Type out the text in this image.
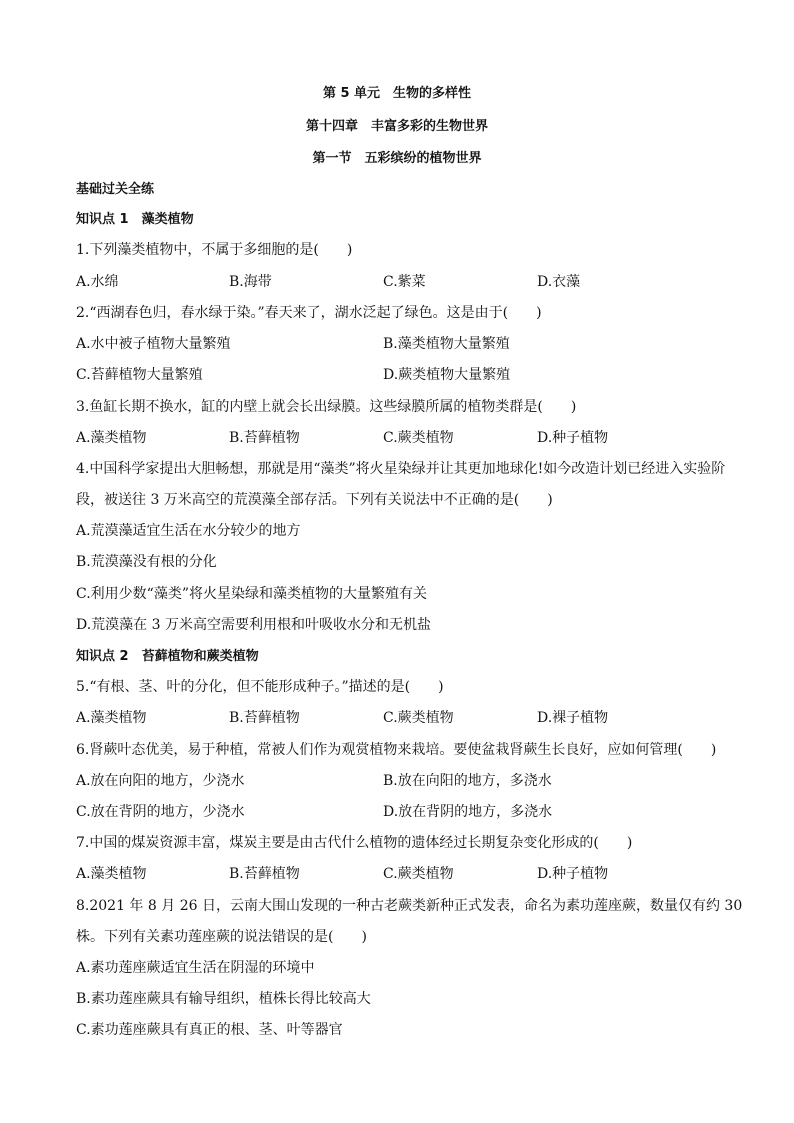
第 5 单元　生物的多样性
第十四章　丰富多彩的生物世界
第一节　五彩缤纷的植物世界
基础过关全练
知识点 1　藻类植物
1.下列藻类植物中，不属于多细胞的是(　　)
A.水绵	B.海带	C.紫菜	D.衣藻
2.“西湖春色归，春水绿于染。”春天来了，湖水泛起了绿色。这是由于(　　)
A.水中被子植物大量繁殖	B.藻类植物大量繁殖
C.苔藓植物大量繁殖	D.蕨类植物大量繁殖
3.鱼缸长期不换水，缸的内壁上就会长出绿膜。这些绿膜所属的植物类群是(　　)
A.藻类植物	B.苔藓植物	C.蕨类植物	D.种子植物
4.中国科学家提出大胆畅想，那就是用“藻类”将火星染绿并让其更加地球化!如今改造计划已经进入实验阶
段，被送往 3 万米高空的荒漠藻全部存活。下列有关说法中不正确的是(　　)
A.荒漠藻适宜生活在水分较少的地方
B.荒漠藻没有根的分化
C.利用少数“藻类”将火星染绿和藻类植物的大量繁殖有关
D.荒漠藻在 3 万米高空需要利用根和叶吸收水分和无机盐
知识点 2　苔藓植物和蕨类植物
5.“有根、茎、叶的分化，但不能形成种子。”描述的是(　　)
A.藻类植物	B.苔藓植物	C.蕨类植物	D.裸子植物
6.肾蕨叶态优美，易于种植，常被人们作为观赏植物来栽培。要使盆栽肾蕨生长良好，应如何管理(　　)
A.放在向阳的地方，少浇水	B.放在向阳的地方，多浇水
C.放在背阴的地方，少浇水	D.放在背阴的地方，多浇水
7.中国的煤炭资源丰富，煤炭主要是由古代什么植物的遗体经过长期复杂变化形成的(　　)
A.藻类植物	B.苔藓植物	C.蕨类植物	D.种子植物
8.2021 年 8 月 26 日，云南大围山发现的一种古老蕨类新种正式发表，命名为素功莲座蕨，数量仅有约 30
株。下列有关素功莲座蕨的说法错误的是(　　)
A.素功莲座蕨适宜生活在阴湿的环境中
B.素功莲座蕨具有输导组织，植株长得比较高大
C.素功莲座蕨具有真正的根、茎、叶等器官
